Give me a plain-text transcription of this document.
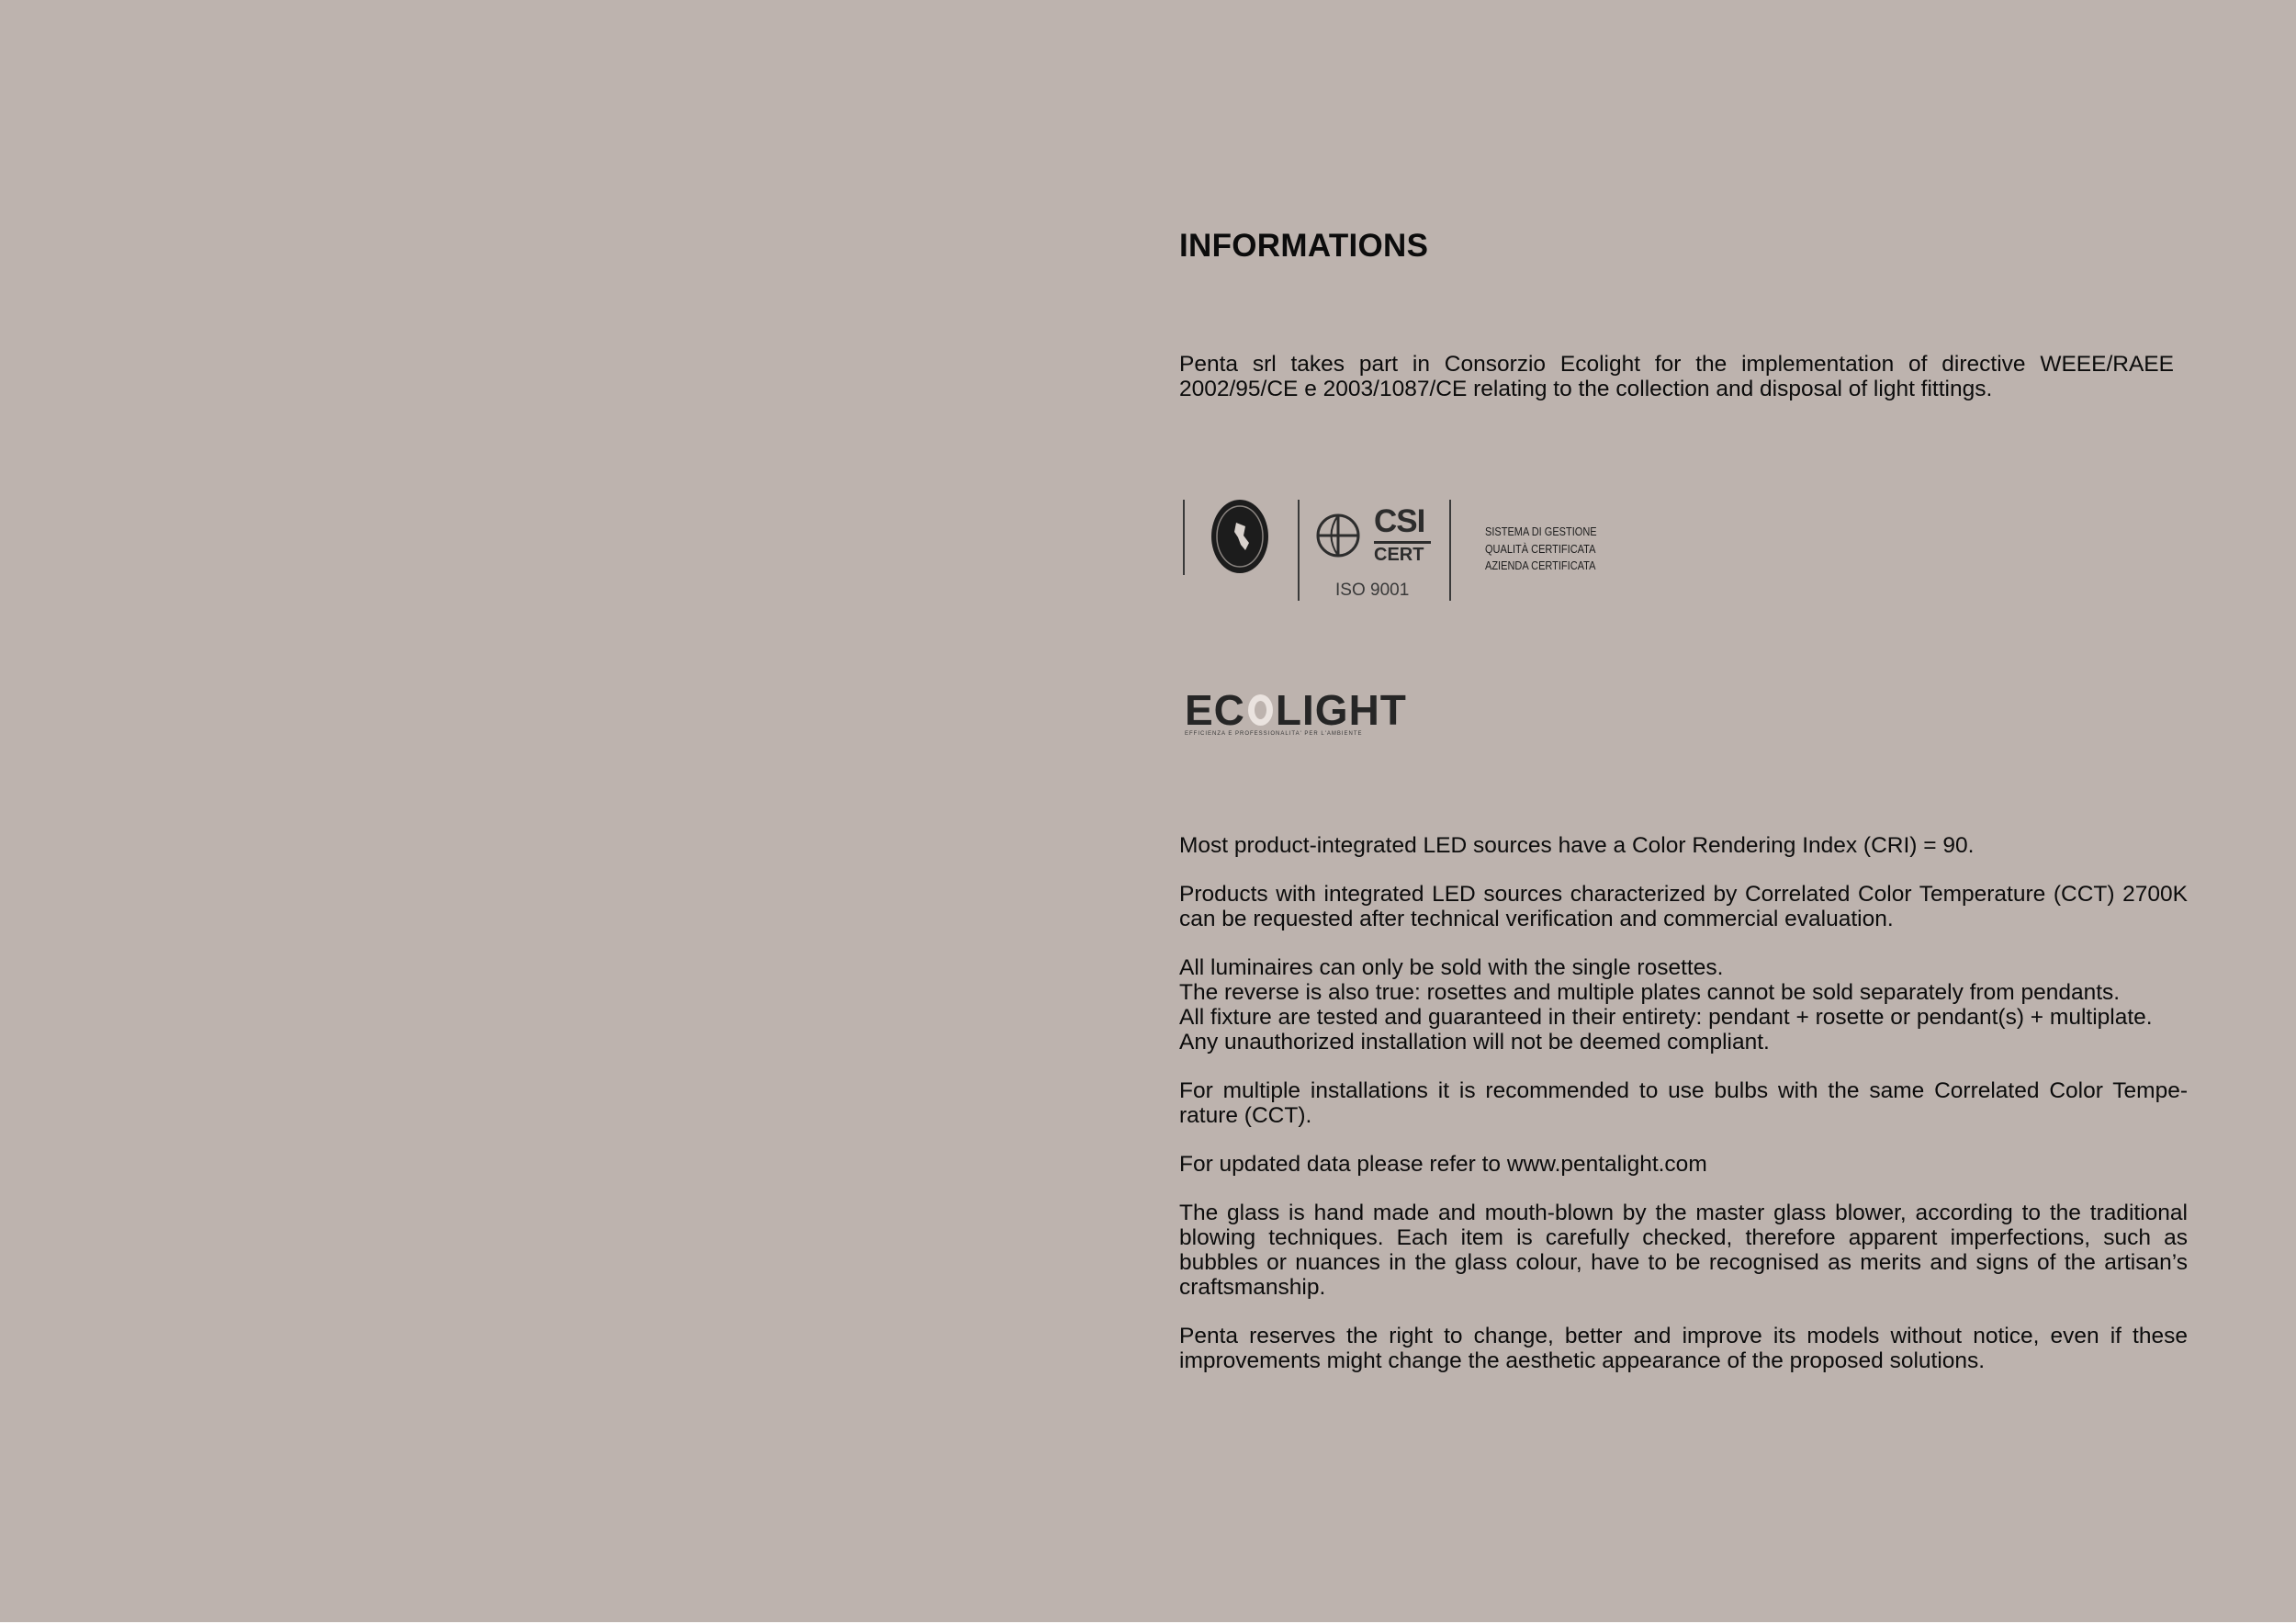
INFORMATIONS

Penta srl takes part in Consorzio Ecolight for the implementation of directive WEEE/RAEE 2002/95/CE e 2003/1087/CE relating to the collection and disposal of light fittings.

CSI
CERT
ISO 9001
SISTEMA DI GESTIONE
QUALITÀ CERTIFICATA
AZIENDA CERTIFICATA
EC LIGHT
EFFICIENZA E PROFESSIONALITA' PER L'AMBIENTE

Most product-integrated LED sources have a Color Rendering Index (CRI) = 90.

Products with integrated LED sources characterized by Correlated Color Temperature (CCT) 2700K can be requested after technical verification and commercial evaluation.

All luminaires can only be sold with the single rosettes.
The reverse is also true: rosettes and multiple plates cannot be sold separately from pendants.
All fixture are tested and guaranteed in their entirety: pendant + rosette or pendant(s) + multiplate.
Any unauthorized installation will not be deemed compliant.

For multiple installations it is recommended to use bulbs with the same Correlated Color Tempe-rature (CCT).

For updated data please refer to www.pentalight.com

The glass is hand made and mouth-blown by the master glass blower, according to the traditional blowing techniques. Each item is carefully checked, therefore apparent imperfections, such as bubbles or nuances in the glass colour, have to be recognised as merits and signs of the artisan’s craftsmanship.

Penta reserves the right to change, better and improve its models without notice, even if these improvements might change the aesthetic appearance of the proposed solutions.
